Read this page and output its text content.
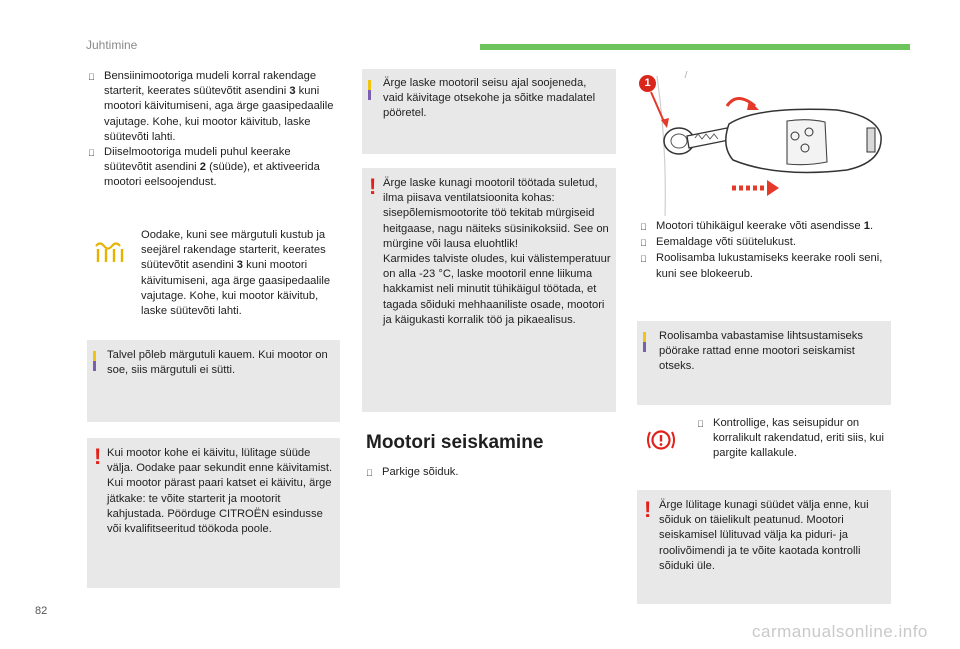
Juhtimine
Bensiinimootoriga mudeli korral rakendage starterit, keerates süütevõtit asendini 3 kuni mootori käivitumiseni, aga ärge gaasipedaalile vajutage. Kohe, kui mootor käivitub, laske süütevõti lahti.
Diiselmootoriga mudeli puhul keerake süütevõtit asendini 2 (süüde), et aktiveerida mootori eelsoojendust.
Oodake, kuni see märgutuli kustub ja seejärel rakendage starterit, keerates süütevõtit asendini 3 kuni mootori käivitumiseni, aga ärge gaasipedaalile vajutage. Kohe, kui mootor käivitub, laske süütevõti lahti.
Talvel põleb märgutuli kauem. Kui mootor on soe, siis märgutuli ei sütti.
! Kui mootor kohe ei käivitu, lülitage süüde välja. Oodake paar sekundit enne käivitamist. Kui mootor pärast paari katset ei käivitu, ärge jätkake: te võite starterit ja mootorit kahjustada. Pöörduge CITROËN esindusse või kvalifitseeritud töökoda poole.
Ärge laske mootoril seisu ajal soojeneda, vaid käivitage otsekohe ja sõitke madalatel pööretel.
! Ärge laske kunagi mootoril töötada suletud, ilma piisava ventilatsioonita kohas: sisepõlemismootorite töö tekitab mürgiseid heitgaase, nagu näiteks süsinikoksiid. See on mürgine või lausa eluohtlik!
Karmides talviste oludes, kui välistemperatuur on alla -23 °C, laske mootoril enne liikuma hakkamist neli minutit tühikäigul töötada, et tagada sõiduki mehhaaniliste osade, mootori ja käigukasti korralik töö ja pikaealisus.
Mootori seiskamine
Parkige sõiduk.
1
Mootori tühikäigul keerake võti asendisse 1.
Eemaldage võti süütelukust.
Roolisamba lukustamiseks keerake rooli seni, kuni see blokeerub.
Roolisamba vabastamise lihtsustamiseks pöörake rattad enne mootori seiskamist otseks.
Kontrollige, kas seisupidur on korralikult rakendatud, eriti siis, kui pargite kallakule.
! Ärge lülitage kunagi süüdet välja enne, kui sõiduk on täielikult peatunud. Mootori seiskamisel lülituvad välja ka piduri- ja roolivõimendi ja te võite kaotada kontrolli sõiduki üle.
82
carmanualsonline.info
